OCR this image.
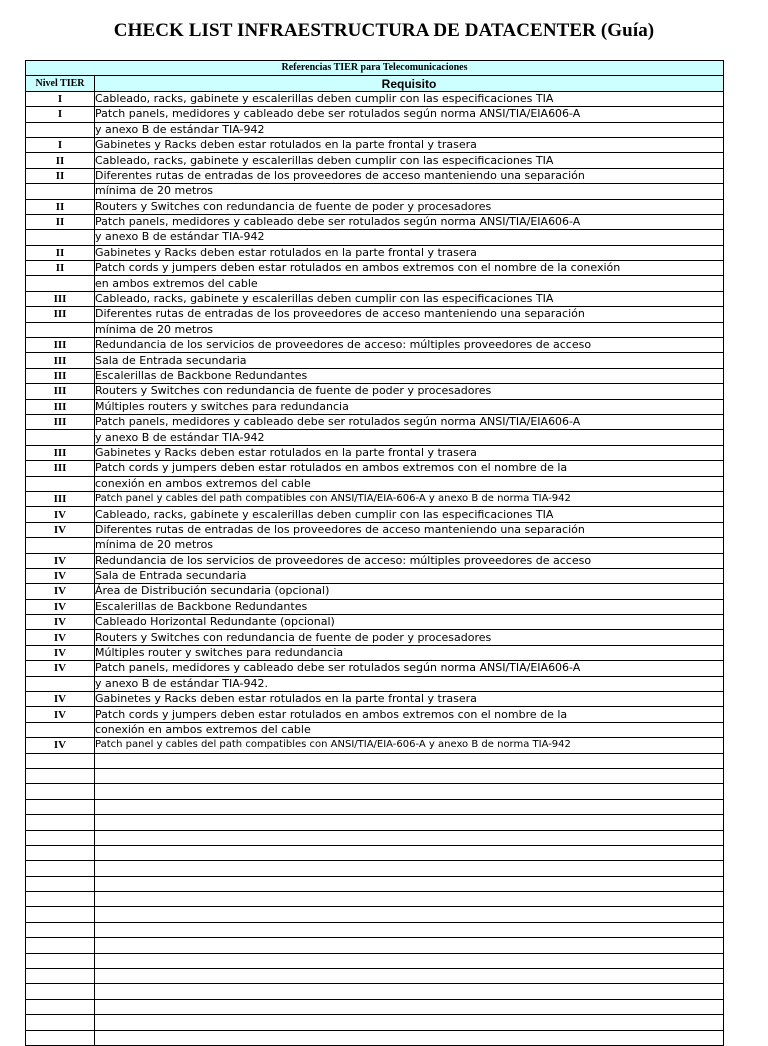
CHECK LIST INFRAESTRUCTURA DE DATACENTER (Guía)
Referencias TIER para Telecomunicaciones	
Nivel TIER	Requisito
I	Cableado, racks, gabinete y escalerillas deben cumplir con las especificaciones TIA
I	Patch panels, medidores y cableado debe ser rotulados según norma ANSI/TIA/EIA606-A
	y anexo B de estándar TIA-942
I	Gabinetes y Racks deben estar rotulados en la parte frontal y trasera
II	Cableado, racks, gabinete y escalerillas deben cumplir con las especificaciones TIA
II	Diferentes rutas de entradas de los proveedores de acceso manteniendo una separación
	mínima de 20 metros
II	Routers y Switches con redundancia de fuente de poder y procesadores
II	Patch panels, medidores y cableado debe ser rotulados según norma ANSI/TIA/EIA606-A
	y anexo B de estándar TIA-942
II	Gabinetes y Racks deben estar rotulados en la parte frontal y trasera
II	Patch cords y jumpers deben estar rotulados en ambos extremos con el nombre de la conexión
	en ambos extremos del cable
III	Cableado, racks, gabinete y escalerillas deben cumplir con las especificaciones TIA
III	Diferentes rutas de entradas de los proveedores de acceso manteniendo una separación
	mínima de 20 metros
III	Redundancia de los servicios de proveedores de acceso: múltiples proveedores de acceso
III	Sala de Entrada secundaria
III	Escalerillas de Backbone Redundantes
III	Routers y Switches con redundancia de fuente de poder y procesadores
III	Múltiples routers y switches para redundancia
III	Patch panels, medidores y cableado debe ser rotulados según norma ANSI/TIA/EIA606-A
	y anexo B de estándar TIA-942
III	Gabinetes y Racks deben estar rotulados en la parte frontal y trasera
III	Patch cords y jumpers deben estar rotulados en ambos extremos con el nombre de la
	conexión en ambos extremos del cable
III	Patch panel y cables del path compatibles con ANSI/TIA/EIA-606-A y anexo B de norma TIA-942
IV	Cableado, racks, gabinete y escalerillas deben cumplir con las especificaciones TIA
IV	Diferentes rutas de entradas de los proveedores de acceso manteniendo una separación
	mínima de 20 metros
IV	Redundancia de los servicios de proveedores de acceso: múltiples proveedores de acceso
IV	Sala de Entrada secundaria
IV	Área de Distribución secundaria (opcional)
IV	Escalerillas de Backbone Redundantes
IV	Cableado Horizontal Redundante (opcional)
IV	Routers y Switches con redundancia de fuente de poder y procesadores
IV	Múltiples router y switches para redundancia
IV	Patch panels, medidores y cableado debe ser rotulados según norma ANSI/TIA/EIA606-A
	y anexo B de estándar TIA-942.
IV	Gabinetes y Racks deben estar rotulados en la parte frontal y trasera
IV	Patch cords y jumpers deben estar rotulados en ambos extremos con el nombre de la
	conexión en ambos extremos del cable
IV	Patch panel y cables del path compatibles con ANSI/TIA/EIA-606-A y anexo B de norma TIA-942
